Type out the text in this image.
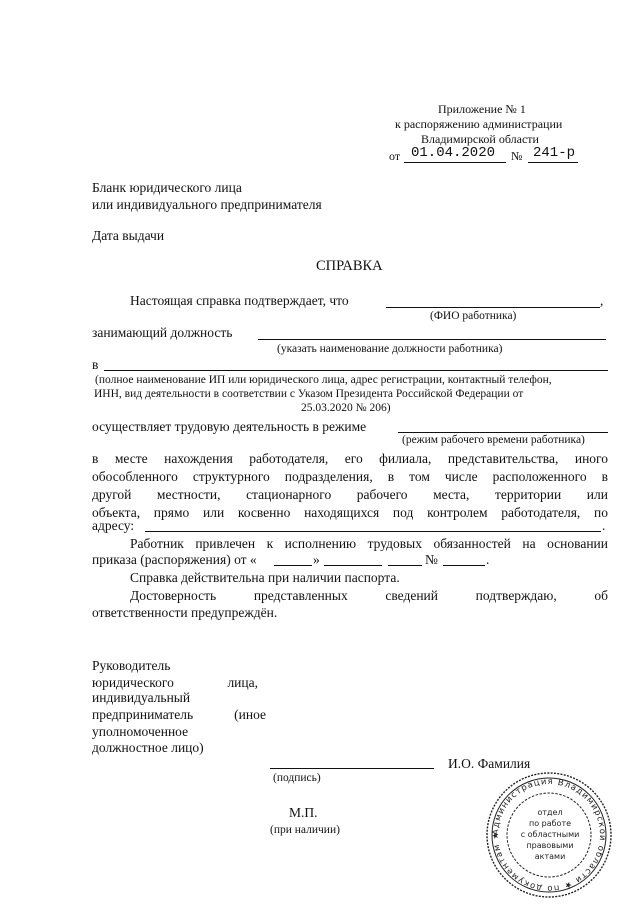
Приложение № 1
к распоряжению администрации
Владимирской области
от 01.04.2020 № 241-р
Бланк юридического лица
или индивидуального предпринимателя
Дата выдачи
СПРАВКА
Настоящая справка подтверждает, что	,
(ФИО работника)
занимающий должность
(указать наименование должности работника)
в
(полное наименование ИП или юридического лица, адрес регистрации, контактный телефон,
ИНН, вид деятельности в соответствии с Указом Президента Российской Федерации от
25.03.2020 № 206)
осуществляет трудовую деятельность в режиме
(режим рабочего времени работника)
в месте нахождения работодателя, его филиала, представительства, иного
обособленного структурного подразделения, в том числе расположенного в
другой местности, стационарного рабочего места, территории или
объекта, прямо или косвенно находящихся под контролем работодателя, по
адресу:	.
Работник привлечен к исполнению трудовых обязанностей на основании
приказа (распоряжения) от «	»	№	.
Справка действительна при наличии паспорта.
Достоверность представленных сведений подтверждаю, об
ответственности предупреждён.
Руководитель
юридического лица,
индивидуальный
предприниматель (иное
уполномоченное
должностное лицо)
(подпись)
И.О. Фамилия
М.П.
(при наличии)	Администрация Владимирской области ★ по документам ★
отдел
по работе
с областными
правовыми
актами
